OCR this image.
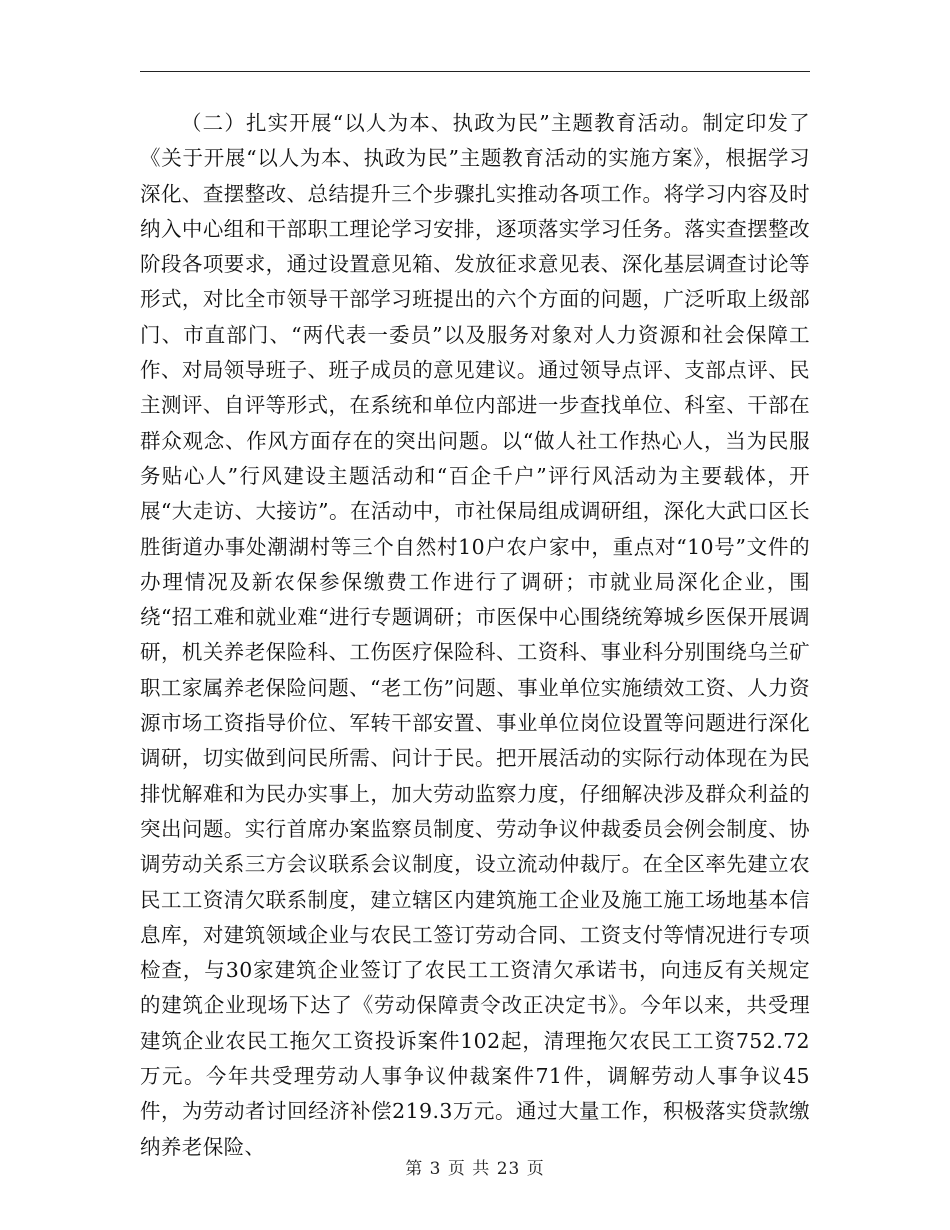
（二）扎实开展“以人为本、执政为民”主题教育活动。制定印发了《关于开展“以人为本、执政为民”主题教育活动的实施方案》，根据学习深化、查摆整改、总结提升三个步骤扎实推动各项工作。将学习内容及时纳入中心组和干部职工理论学习安排，逐项落实学习任务。落实查摆整改阶段各项要求，通过设置意见箱、发放征求意见表、深化基层调查讨论等形式，对比全市领导干部学习班提出的六个方面的问题，广泛听取上级部门、市直部门、“两代表一委员”以及服务对象对人力资源和社会保障工作、对局领导班子、班子成员的意见建议。通过领导点评、支部点评、民主测评、自评等形式，在系统和单位内部进一步查找单位、科室、干部在群众观念、作风方面存在的突出问题。以“做人社工作热心人，当为民服务贴心人”行风建设主题活动和“百企千户”评行风活动为主要载体，开展“大走访、大接访”。在活动中，市社保局组成调研组，深化大武口区长胜街道办事处潮湖村等三个自然村10户农户家中，重点对“10号”文件的办理情况及新农保参保缴费工作进行了调研；市就业局深化企业，围绕“招工难和就业难“进行专题调研；市医保中心围绕统筹城乡医保开展调研，机关养老保险科、工伤医疗保险科、工资科、事业科分别围绕乌兰矿职工家属养老保险问题、“老工伤”问题、事业单位实施绩效工资、人力资源市场工资指导价位、军转干部安置、事业单位岗位设置等问题进行深化调研，切实做到问民所需、问计于民。把开展活动的实际行动体现在为民排忧解难和为民办实事上，加大劳动监察力度，仔细解决涉及群众利益的突出问题。实行首席办案监察员制度、劳动争议仲裁委员会例会制度、协调劳动关系三方会议联系会议制度，设立流动仲裁厅。在全区率先建立农民工工资清欠联系制度，建立辖区内建筑施工企业及施工施工场地基本信息库，对建筑领域企业与农民工签订劳动合同、工资支付等情况进行专项检查，与30家建筑企业签订了农民工工资清欠承诺书，向违反有关规定的建筑企业现场下达了《劳动保障责令改正决定书》。今年以来，共受理建筑企业农民工拖欠工资投诉案件102起，清理拖欠农民工工资752.72万元。今年共受理劳动人事争议仲裁案件71件，调解劳动人事争议45件，为劳动者讨回经济补偿219.3万元。通过大量工作，积极落实贷款缴纳养老保险、

第 3 页 共 23 页
